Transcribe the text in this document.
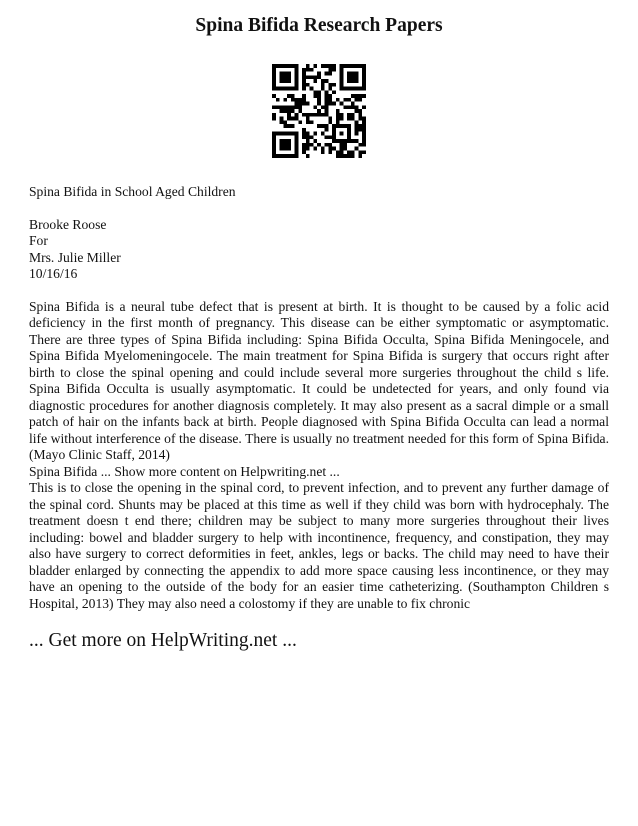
Spina Bifida Research Papers

Spina Bifida in School Aged Children

Brooke Roose

For

Mrs. Julie Miller

10/16/16

Spina Bifida is a neural tube defect that is present at birth. It is thought to be caused by a folic acid deficiency in the first month of pregnancy. This disease can be either symptomatic or asymptomatic. There are three types of Spina Bifida including: Spina Bifida Occulta, Spina Bifida Meningocele, and Spina Bifida Myelomeningocele. The main treatment for Spina Bifida is surgery that occurs right after birth to close the spinal opening and could include several more surgeries throughout the child s life. Spina Bifida Occulta is usually asymptomatic. It could be undetected for years, and only found via diagnostic procedures for another diagnosis completely. It may also present as a sacral dimple or a small patch of hair on the infants back at birth. People diagnosed with Spina Bifida Occulta can lead a normal life without interference of the disease. There is usually no treatment needed for this form of Spina Bifida. (Mayo Clinic Staff, 2014)

Spina Bifida ... Show more content on Helpwriting.net ...

This is to close the opening in the spinal cord, to prevent infection, and to prevent any further damage of the spinal cord. Shunts may be placed at this time as well if they child was born with hydrocephaly. The treatment doesn t end there; children may be subject to many more surgeries throughout their lives including: bowel and bladder surgery to help with incontinence, frequency, and constipation, they may also have surgery to correct deformities in feet, ankles, legs or backs. The child may need to have their bladder enlarged by connecting the appendix to add more space causing less incontinence, or they may have an opening to the outside of the body for an easier time catheterizing. (Southampton Children s Hospital, 2013) They may also need a colostomy if they are unable to fix chronic

... Get more on HelpWriting.net ...
